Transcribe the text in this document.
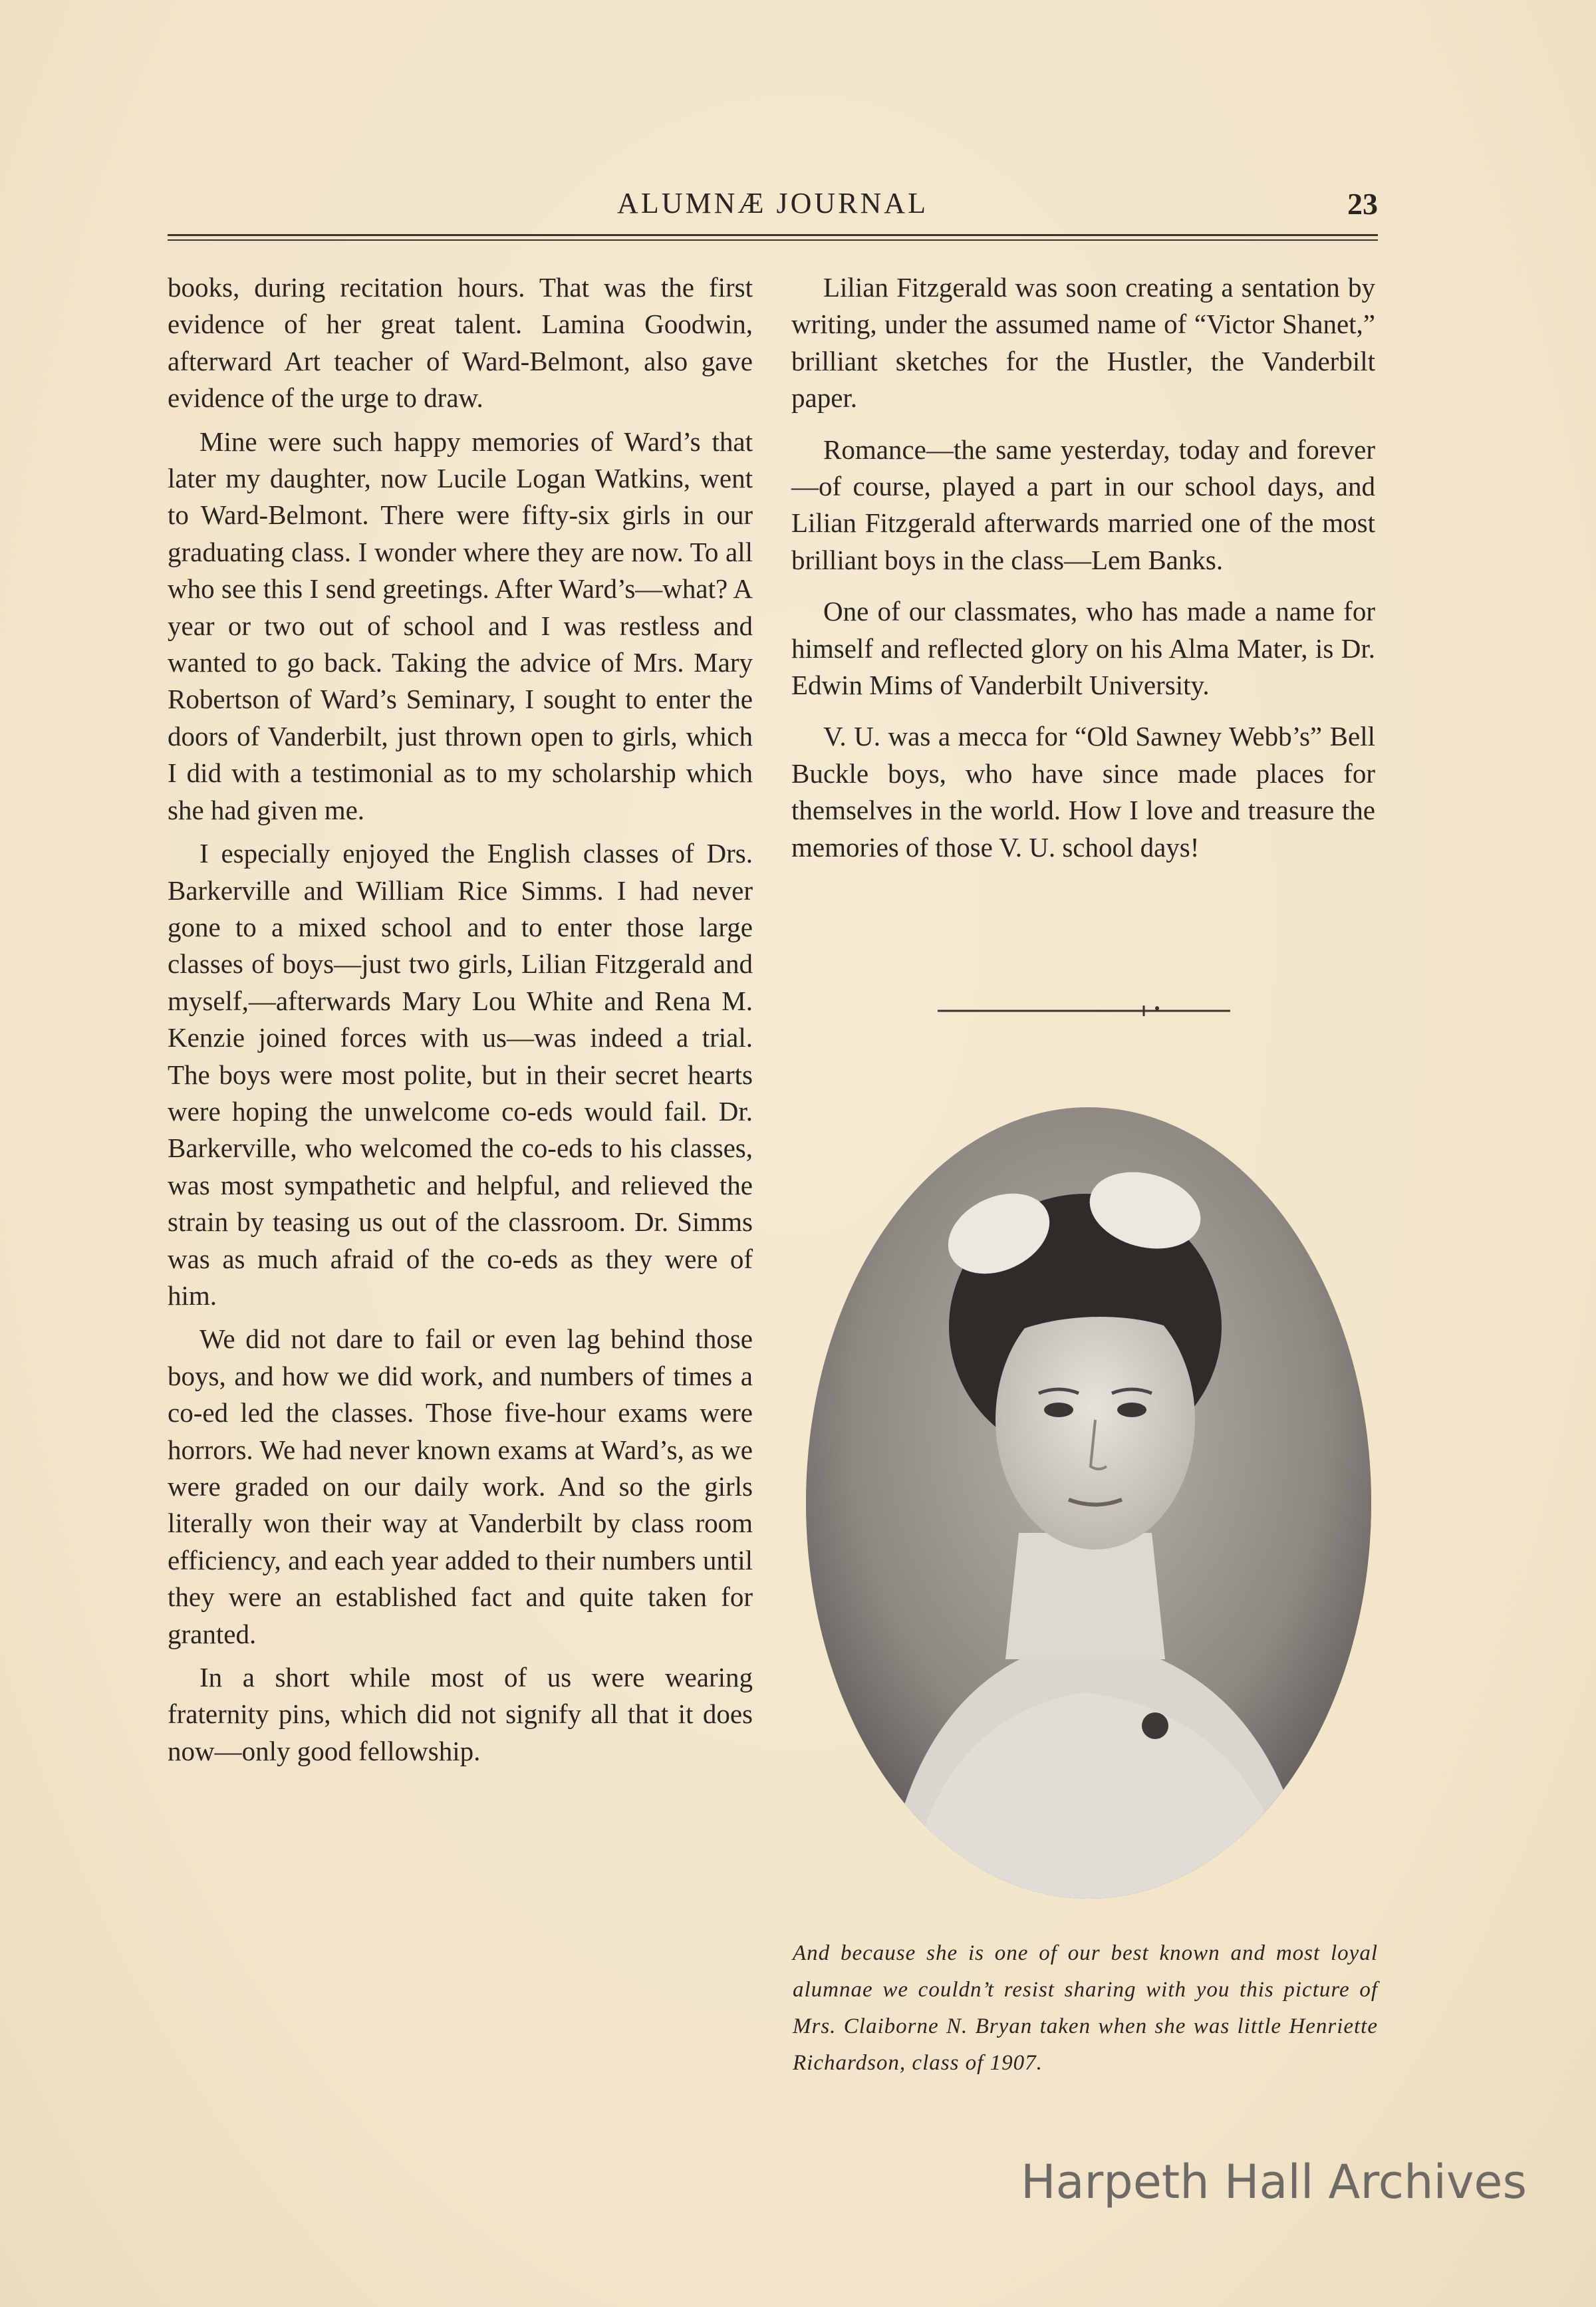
ALUMNÆ JOURNAL	23

books, during recitation hours. That was the first evidence of her great talent. Lamina Goodwin, afterward Art teacher of Ward-Belmont, also gave evidence of the urge to draw.

Mine were such happy memories of Ward’s that later my daughter, now Lucile Logan Watkins, went to Ward-Belmont. There were fifty-six girls in our graduating class. I wonder where they are now. To all who see this I send greetings. After Ward’s—what? A year or two out of school and I was restless and wanted to go back. Taking the advice of Mrs. Mary Robertson of Ward’s Seminary, I sought to enter the doors of Vanderbilt, just thrown open to girls, which I did with a testimonial as to my scholarship which she had given me.

I especially enjoyed the English classes of Drs. Barkerville and William Rice Simms. I had never gone to a mixed school and to enter those large classes of boys—just two girls, Lilian Fitzgerald and myself,—afterwards Mary Lou White and Rena M. Kenzie joined forces with us—was indeed a trial. The boys were most polite, but in their secret hearts were hoping the unwelcome co-eds would fail. Dr. Barkerville, who welcomed the co-eds to his classes, was most sympathetic and helpful, and relieved the strain by teasing us out of the classroom. Dr. Simms was as much afraid of the co-eds as they were of him.

We did not dare to fail or even lag behind those boys, and how we did work, and numbers of times a co-ed led the classes. Those five-hour exams were horrors. We had never known exams at Ward’s, as we were graded on our daily work. And so the girls literally won their way at Vanderbilt by class room efficiency, and each year added to their numbers until they were an established fact and quite taken for granted.

In a short while most of us were wearing fraternity pins, which did not signify all that it does now—only good fellowship.

Lilian Fitzgerald was soon creating a sentation by writing, under the assumed name of “Victor Shanet,” brilliant sketches for the Hustler, the Vanderbilt paper.

Romance—the same yesterday, today and forever—of course, played a part in our school days, and Lilian Fitzgerald afterwards married one of the most brilliant boys in the class—Lem Banks.

One of our classmates, who has made a name for himself and reflected glory on his Alma Mater, is Dr. Edwin Mims of Vanderbilt University.

V. U. was a mecca for “Old Sawney Webb’s” Bell Buckle boys, who have since made places for themselves in the world. How I love and treasure the memories of those V. U. school days!

And because she is one of our best known and most loyal alumnae we couldn’t resist sharing with you this picture of Mrs. Claiborne N. Bryan taken when she was little Henriette Richardson, class of 1907.
Harpeth Hall Archives
